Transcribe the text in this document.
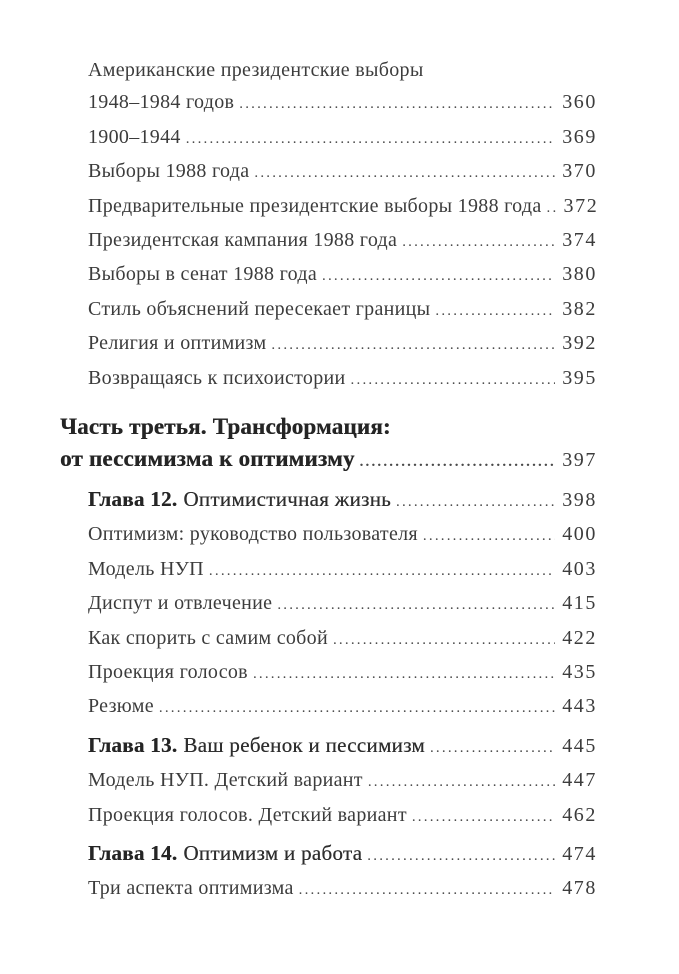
Американские президентские выборы
1948–1984 годов .....	360
1900–1944 .....	369
Выборы 1988 года .....	370
Предварительные президентские выборы 1988 года ..... 372
Президентская кампания 1988 года .....	374
Выборы в сенат 1988 года .....	380
Стиль объяснений пересекает границы .....	382
Религия и оптимизм .....	392
Возвращаясь к психоистории .....	395
Часть третья. Трансформация:
от пессимизма к оптимизму .....	397
Глава 12. Оптимистичная жизнь .....	398
Оптимизм: руководство пользователя .....	400
Модель НУП .....	403
Диспут и отвлечение .....	415
Как спорить с самим собой .....	422
Проекция голосов .....	435
Резюме .....	443
Глава 13. Ваш ребенок и пессимизм .....	445
Модель НУП. Детский вариант .....	447
Проекция голосов. Детский вариант .....	462
Глава 14. Оптимизм и работа .....	474
Три аспекта оптимизма .....	478
